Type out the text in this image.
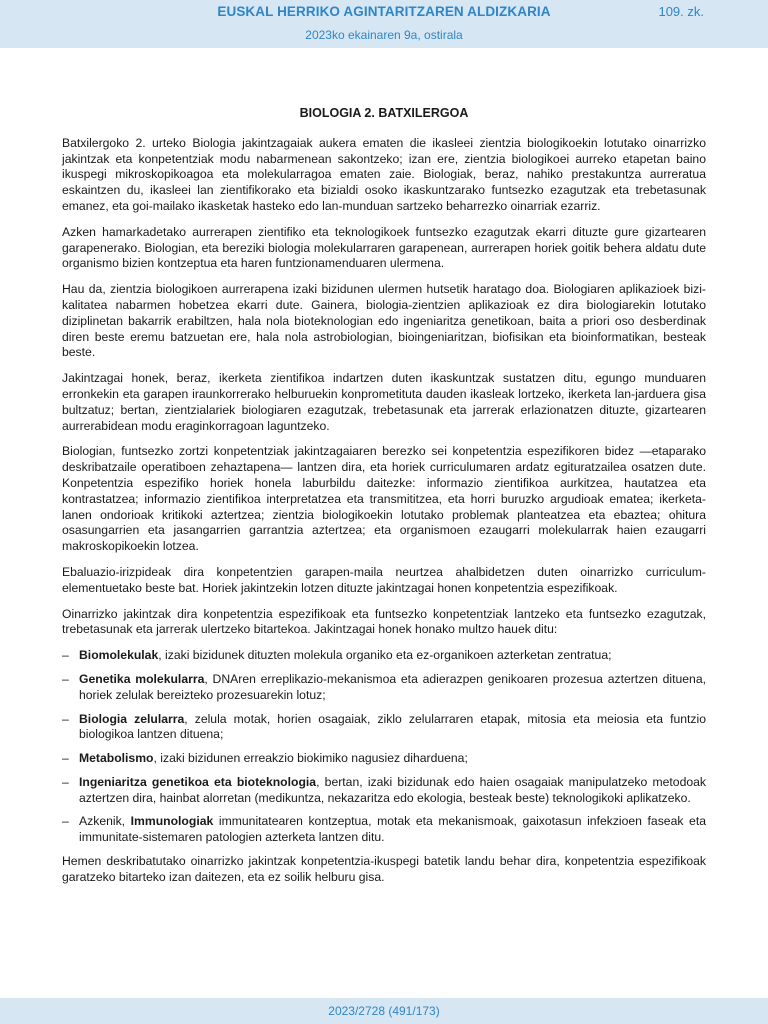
EUSKAL HERRIKO AGINTARITZAREN ALDIZKARIA	109. zk.
2023ko ekainaren 9a, ostirala
BIOLOGIA 2. BATXILERGOA

Batxilergoko 2. urteko Biologia jakintzagaiak aukera ematen die ikasleei zientzia biologikoekin lotutako oinarrizko jakintzak eta konpetentziak modu nabarmenean sakontzeko; izan ere, zientzia biologikoei aurreko etapetan baino ikuspegi mikroskopikoagoa eta molekularragoa ematen zaie. Biologiak, beraz, nahiko prestakuntza aurreratua eskaintzen du, ikasleei lan zientifikorako eta bizialdi osoko ikaskuntzarako funtsezko ezagutzak eta trebetasunak emanez, eta goi-mailako ikasketak hasteko edo lan-munduan sartzeko beharrezko oinarriak ezarriz.

Azken hamarkadetako aurrerapen zientifiko eta teknologikoek funtsezko ezagutzak ekarri dituzte gure gizartearen garapenerako. Biologian, eta bereziki biologia molekularraren garapenean, aurrerapen horiek goitik behera aldatu dute organismo bizien kontzeptua eta haren funtzionamenduaren ulermena.

Hau da, zientzia biologikoen aurrerapena izaki bizidunen ulermen hutsetik haratago doa. Biologiaren aplikazioek bizi-kalitatea nabarmen hobetzea ekarri dute. Gainera, biologia-zientzien aplikazioak ez dira biologiarekin lotutako diziplinetan bakarrik erabiltzen, hala nola bioteknologian edo ingeniaritza genetikoan, baita a priori oso desberdinak diren beste eremu batzuetan ere, hala nola astrobiologian, bioingeniaritzan, biofisikan eta bioinformatikan, besteak beste.

Jakintzagai honek, beraz, ikerketa zientifikoa indartzen duten ikaskuntzak sustatzen ditu, egungo munduaren erronkekin eta garapen iraunkorrerako helburuekin konprometituta dauden ikasleak lortzeko, ikerketa lan-jarduera gisa bultzatuz; bertan, zientzialariek biologiaren ezagutzak, trebetasunak eta jarrerak erlazionatzen dituzte, gizartearen aurrerabidean modu eraginkorragoan laguntzeko.

Biologian, funtsezko zortzi konpetentziak jakintzagaiaren berezko sei konpetentzia espezifikoren bidez —etaparako deskribatzaile operatiboen zehaztapena— lantzen dira, eta horiek curriculumaren ardatz egituratzailea osatzen dute. Konpetentzia espezifiko horiek honela laburbildu daitezke: informazio zientifikoa aurkitzea, hautatzea eta kontrastatzea; informazio zientifikoa interpretatzea eta transmititzea, eta horri buruzko argudioak ematea; ikerketa-lanen ondorioak kritikoki aztertzea; zientzia biologikoekin lotutako problemak planteatzea eta ebaztea; ohitura osasungarrien eta jasangarrien garrantzia aztertzea; eta organismoen ezaugarri molekularrak haien ezaugarri makroskopikoekin lotzea.

Ebaluazio-irizpideak dira konpetentzien garapen-maila neurtzea ahalbidetzen duten oinarrizko curriculum-elementuetako beste bat. Horiek jakintzekin lotzen dituzte jakintzagai honen konpetentzia espezifikoak.

Oinarrizko jakintzak dira konpetentzia espezifikoak eta funtsezko konpetentziak lantzeko eta funtsezko ezagutzak, trebetasunak eta jarrerak ulertzeko bitartekoa. Jakintzagai honek honako multzo hauek ditu:

– Biomolekulak, izaki bizidunek dituzten molekula organiko eta ez-organikoen azterketan zentratua;
– Genetika molekularra, DNAren erreplikazio-mekanismoa eta adierazpen genikoaren prozesua aztertzen dituena, horiek zelulak bereizteko prozesuarekin lotuz;
– Biologia zelularra, zelula motak, horien osagaiak, ziklo zelularraren etapak, mitosia eta meiosia eta funtzio biologikoa lantzen dituena;
– Metabolismo, izaki bizidunen erreakzio biokimiko nagusiez diharduena;
– Ingeniaritza genetikoa eta bioteknologia, bertan, izaki bizidunak edo haien osagaiak manipulatzeko metodoak aztertzen dira, hainbat alorretan (medikuntza, nekazaritza edo ekologia, besteak beste) teknologikoki aplikatzeko.
– Azkenik, Immunologiak immunitatearen kontzeptua, motak eta mekanismoak, gaixotasun infekzioen faseak eta immunitate-sistemaren patologien azterketa lantzen ditu.

Hemen deskribatutako oinarrizko jakintzak konpetentzia-ikuspegi batetik landu behar dira, konpetentzia espezifikoak garatzeko bitarteko izan daitezen, eta ez soilik helburu gisa.

2023/2728 (491/173)
